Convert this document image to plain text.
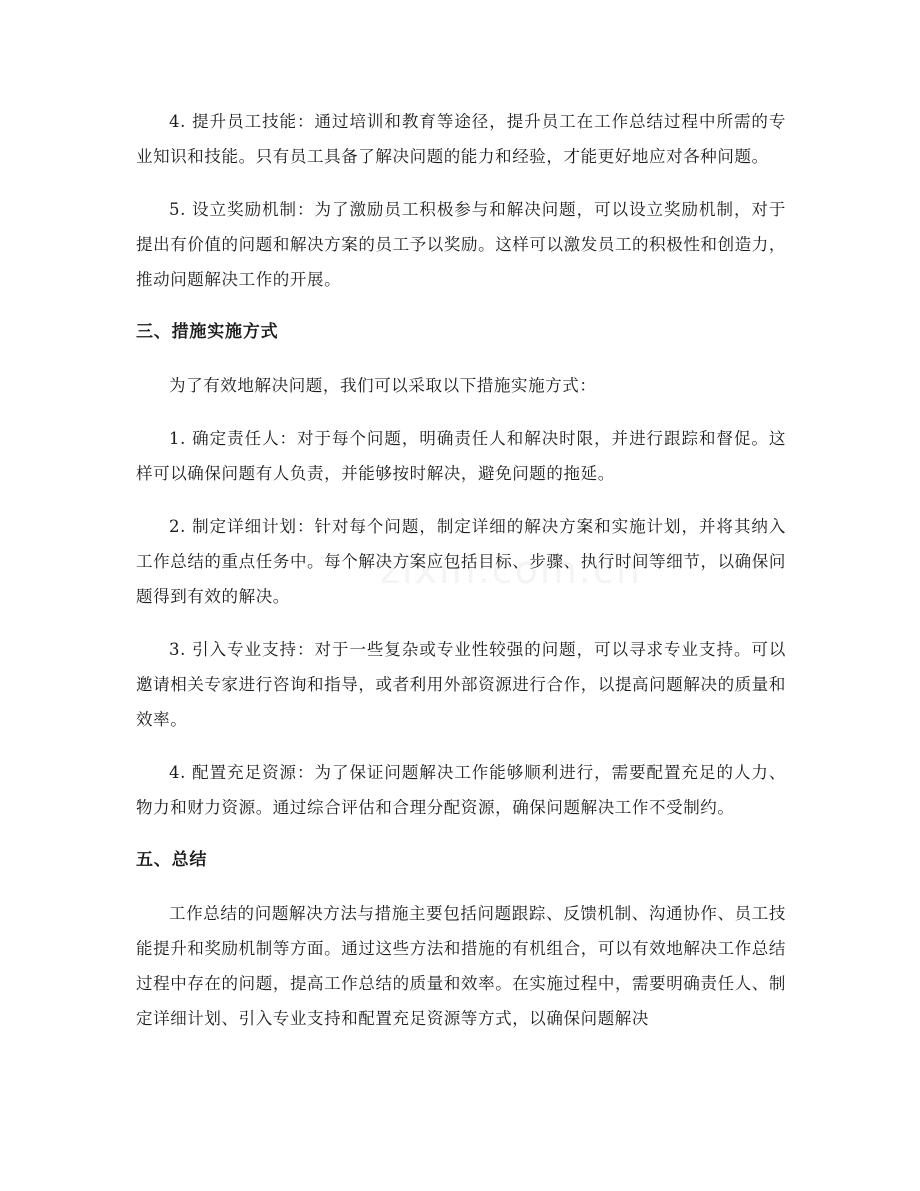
4. 提升员工技能：通过培训和教育等途径，提升员工在工作总结过程中所需的专业知识和技能。只有员工具备了解决问题的能力和经验，才能更好地应对各种问题。

5. 设立奖励机制：为了激励员工积极参与和解决问题，可以设立奖励机制，对于提出有价值的问题和解决方案的员工予以奖励。这样可以激发员工的积极性和创造力，推动问题解决工作的开展。

三、措施实施方式

为了有效地解决问题，我们可以采取以下措施实施方式：

1. 确定责任人：对于每个问题，明确责任人和解决时限，并进行跟踪和督促。这样可以确保问题有人负责，并能够按时解决，避免问题的拖延。

2. 制定详细计划：针对每个问题，制定详细的解决方案和实施计划，并将其纳入工作总结的重点任务中。每个解决方案应包括目标、步骤、执行时间等细节，以确保问题得到有效的解决。

3. 引入专业支持：对于一些复杂或专业性较强的问题，可以寻求专业支持。可以邀请相关专家进行咨询和指导，或者利用外部资源进行合作，以提高问题解决的质量和效率。

4. 配置充足资源：为了保证问题解决工作能够顺利进行，需要配置充足的人力、物力和财力资源。通过综合评估和合理分配资源，确保问题解决工作不受制约。

五、总结

工作总结的问题解决方法与措施主要包括问题跟踪、反馈机制、沟通协作、员工技能提升和奖励机制等方面。通过这些方法和措施的有机组合，可以有效地解决工作总结过程中存在的问题，提高工作总结的质量和效率。在实施过程中，需要明确责任人、制定详细计划、引入专业支持和配置充足资源等方式，以确保问题解决
